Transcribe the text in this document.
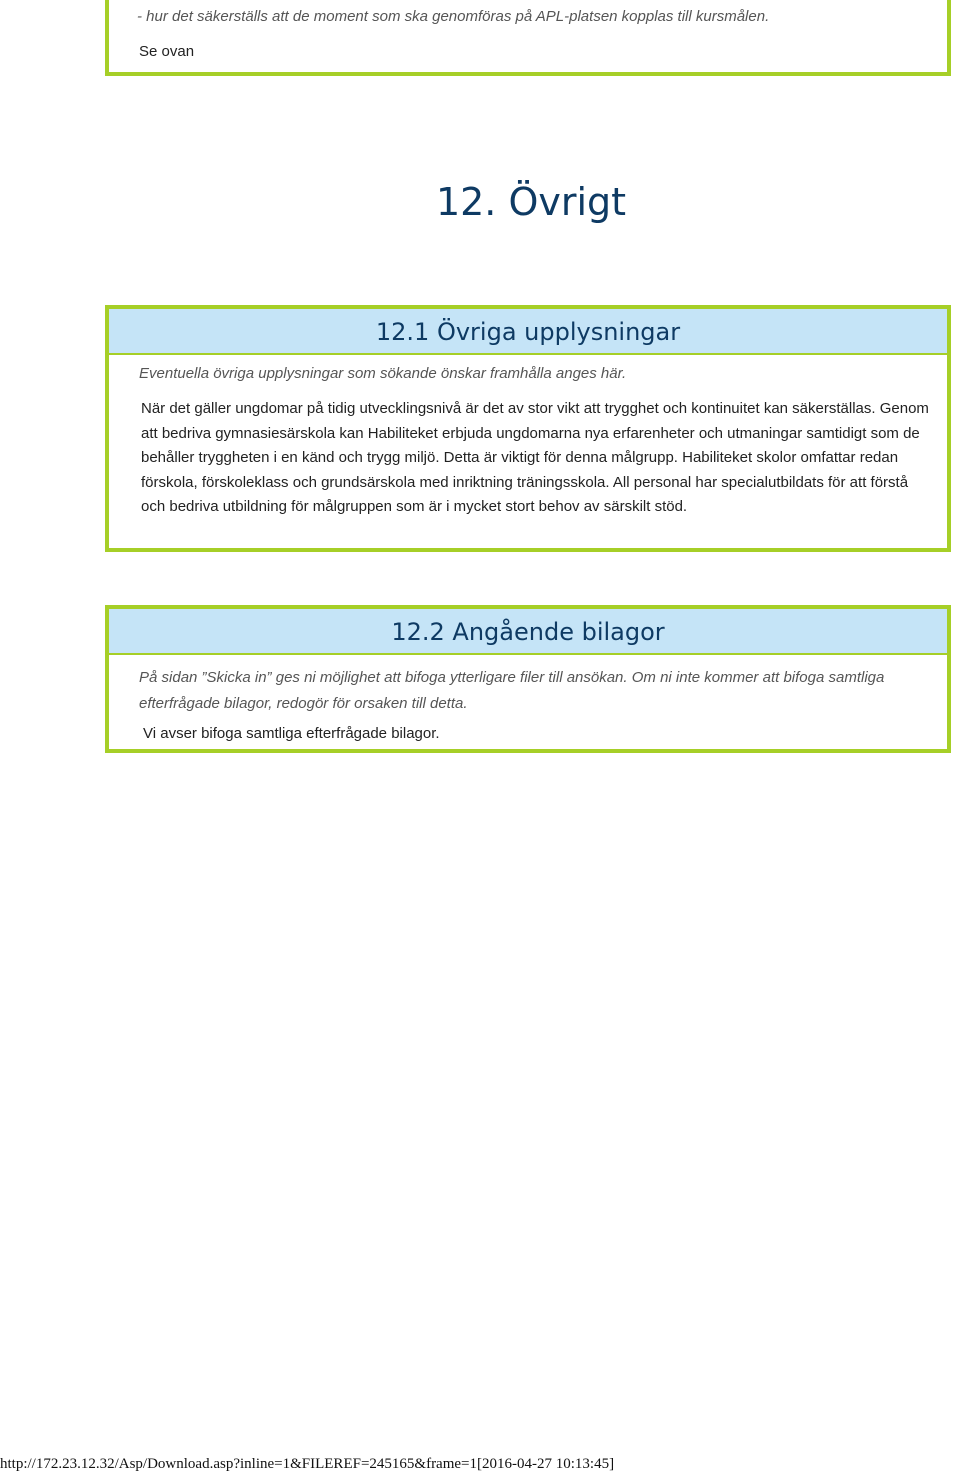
- hur det säkerställs att de moment som ska genomföras på APL-platsen kopplas till kursmålen.
Se ovan
12. Övrigt
12.1 Övriga upplysningar
Eventuella övriga upplysningar som sökande önskar framhålla anges här.
När det gäller ungdomar på tidig utvecklingsnivå är det av stor vikt att trygghet och kontinuitet kan säkerställas. Genom att bedriva gymnasiesärskola kan Habiliteket erbjuda ungdomarna nya erfarenheter och utmaningar samtidigt som de behåller tryggheten i en känd och trygg miljö. Detta är viktigt för denna målgrupp. Habiliteket skolor omfattar redan förskola, förskoleklass och grundsärskola med inriktning träningsskola. All personal har specialutbildats för att förstå och bedriva utbildning för målgruppen som är i mycket stort behov av särskilt stöd.
12.2 Angående bilagor
På sidan ”Skicka in” ges ni möjlighet att bifoga ytterligare filer till ansökan. Om ni inte kommer att bifoga samtliga efterfrågade bilagor, redogör för orsaken till detta.
Vi avser bifoga samtliga efterfrågade bilagor.
http://172.23.12.32/Asp/Download.asp?inline=1&FILEREF=245165&frame=1[2016-04-27 10:13:45]
